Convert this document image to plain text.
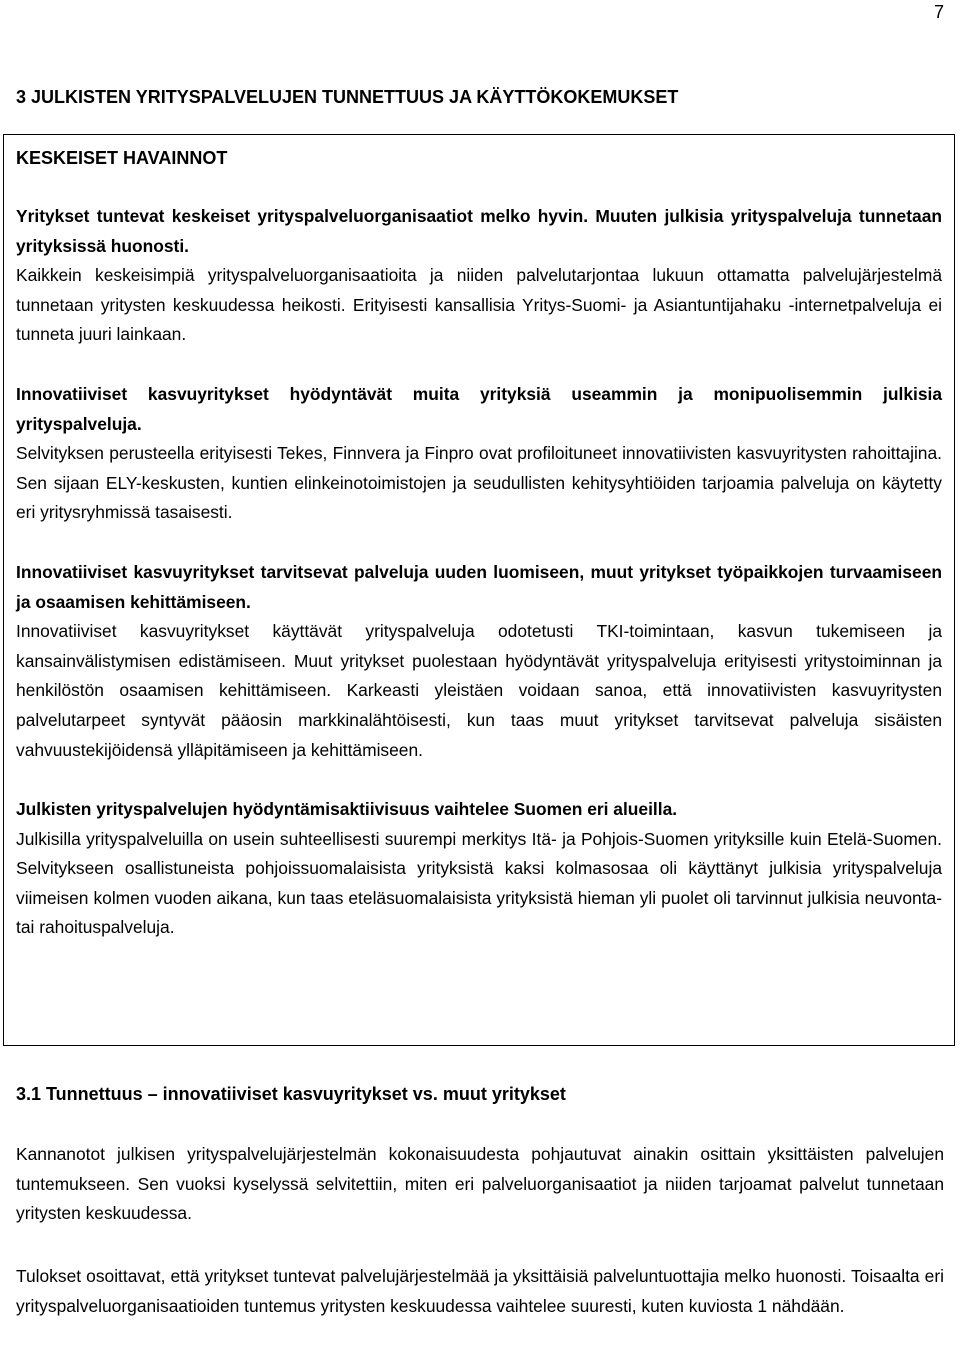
7
3 JULKISTEN YRITYSPALVELUJEN TUNNETTUUS JA KÄYTTÖKOKEMUKSET
KESKEISET HAVAINNOT

Yritykset tuntevat keskeiset yrityspalveluorganisaatiot melko hyvin. Muuten julkisia yrityspalveluja tunnetaan yrityksissä huonosti.

Kaikkein keskeisimpiä yrityspalveluorganisaatioita ja niiden palvelutarjontaa lukuun ottamatta palvelujärjestelmä tunnetaan yritysten keskuudessa heikosti. Erityisesti kansallisia Yritys-Suomi- ja Asiantuntijahaku -internetpalveluja ei tunneta juuri lainkaan.

Innovatiiviset kasvuyritykset hyödyntävät muita yrityksiä useammin ja monipuolisemmin julkisia yrityspalveluja.

Selvityksen perusteella erityisesti Tekes, Finnvera ja Finpro ovat profiloituneet innovatiivisten kasvuyritysten rahoittajina. Sen sijaan ELY-keskusten, kuntien elinkeinotoimistojen ja seudullisten kehitysyhtiöiden tarjoamia palveluja on käytetty eri yritysryhmissä tasaisesti.

Innovatiiviset kasvuyritykset tarvitsevat palveluja uuden luomiseen, muut yritykset työpaikkojen turvaamiseen ja osaamisen kehittämiseen.

Innovatiiviset kasvuyritykset käyttävät yrityspalveluja odotetusti TKI-toimintaan, kasvun tukemiseen ja kansainvälistymisen edistämiseen. Muut yritykset puolestaan hyödyntävät yrityspalveluja erityisesti yritystoiminnan ja henkilöstön osaamisen kehittämiseen. Karkeasti yleistäen voidaan sanoa, että innovatiivisten kasvuyritysten palvelutarpeet syntyvät pääosin markkinalähtöisesti, kun taas muut yritykset tarvitsevat palveluja sisäisten vahvuustekijöidensä ylläpitämiseen ja kehittämiseen.

Julkisten yrityspalvelujen hyödyntämisaktiivisuus vaihtelee Suomen eri alueilla.

Julkisilla yrityspalveluilla on usein suhteellisesti suurempi merkitys Itä- ja Pohjois-Suomen yrityksille kuin Etelä-Suomen. Selvitykseen osallistuneista pohjoissuomalaisista yrityksistä kaksi kolmasosaa oli käyttänyt julkisia yrityspalveluja viimeisen kolmen vuoden aikana, kun taas eteläsuomalaisista yrityksistä hieman yli puolet oli tarvinnut julkisia neuvonta- tai rahoituspalveluja.

3.1 Tunnettuus – innovatiiviset kasvuyritykset vs. muut yritykset

Kannanotot julkisen yrityspalvelujärjestelmän kokonaisuudesta pohjautuvat ainakin osittain yksittäisten palvelujen tuntemukseen. Sen vuoksi kyselyssä selvitettiin, miten eri palveluorganisaatiot ja niiden tarjoamat palvelut tunnetaan yritysten keskuudessa.

Tulokset osoittavat, että yritykset tuntevat palvelujärjestelmää ja yksittäisiä palveluntuottajia melko huonosti. Toisaalta eri yrityspalveluorganisaatioiden tuntemus yritysten keskuudessa vaihtelee suuresti, kuten kuviosta 1 nähdään.
